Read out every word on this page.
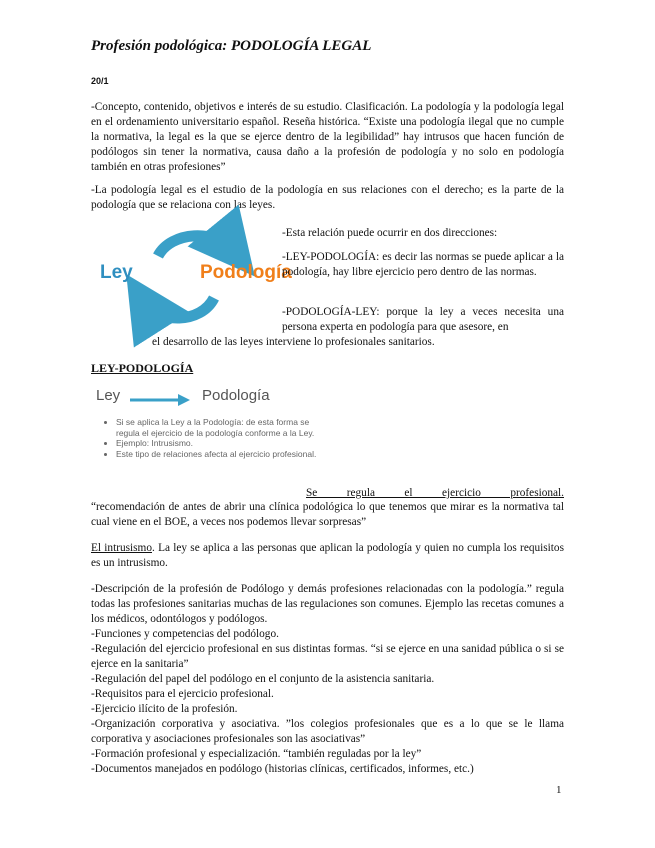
Profesión podológica: PODOLOGÍA LEGAL
20/1

-Concepto, contenido, objetivos e interés de su estudio. Clasificación. La podología y la podología legal en el ordenamiento universitario español. Reseña histórica. “Existe una podología ilegal que no cumple la normativa, la legal es la que se ejerce dentro de la legibilidad” hay intrusos que hacen función de podólogos sin tener la normativa, causa daño a la profesión de podología y no solo en podología también en otras profesiones”

-La podología legal es el estudio de la podología en sus relaciones con el derecho; es la parte de la podología que se relaciona con las leyes.

Ley	Podología

-Esta relación puede ocurrir en dos direcciones:

-LEY-PODOLOGÍA: es decir las normas se puede aplicar a la podología, hay libre ejercicio pero dentro de las normas.

-PODOLOGÍA-LEY: porque la ley a veces necesita una persona experta en podología para que asesore, en

el desarrollo de las leyes interviene lo profesionales sanitarios.

LEY-PODOLOGÍA
Ley	Podología
• Si se aplica la Ley a la Podología: de esta forma se regula el ejercicio de la podología conforme a la Ley.
• Ejemplo: Intrusismo.
• Este tipo de relaciones afecta al ejercicio profesional.

Se regula el ejercicio profesional.

“recomendación de antes de abrir una clínica podológica lo que tenemos que mirar es la normativa tal cual viene en el BOE, a veces nos podemos llevar sorpresas”

El intrusismo. La ley se aplica a las personas que aplican la podología y quien no cumpla los requisitos es un intrusismo.

-Descripción de la profesión de Podólogo y demás profesiones relacionadas con la podología.” regula todas las profesiones sanitarias muchas de las regulaciones son comunes. Ejemplo las recetas comunes a los médicos, odontólogos y podólogos.
-Funciones y competencias del podólogo.
-Regulación del ejercicio profesional en sus distintas formas. “si se ejerce en una sanidad pública o si se ejerce en la sanitaria”
-Regulación del papel del podólogo en el conjunto de la asistencia sanitaria.
-Requisitos para el ejercicio profesional.
-Ejercicio ilícito de la profesión.
-Organización corporativa y asociativa. ”los colegios profesionales que es a lo que se le llama corporativa y asociaciones profesionales son las asociativas”
-Formación profesional y especialización. “también reguladas por la ley”
-Documentos manejados en podólogo (historias clínicas, certificados, informes, etc.)
1
